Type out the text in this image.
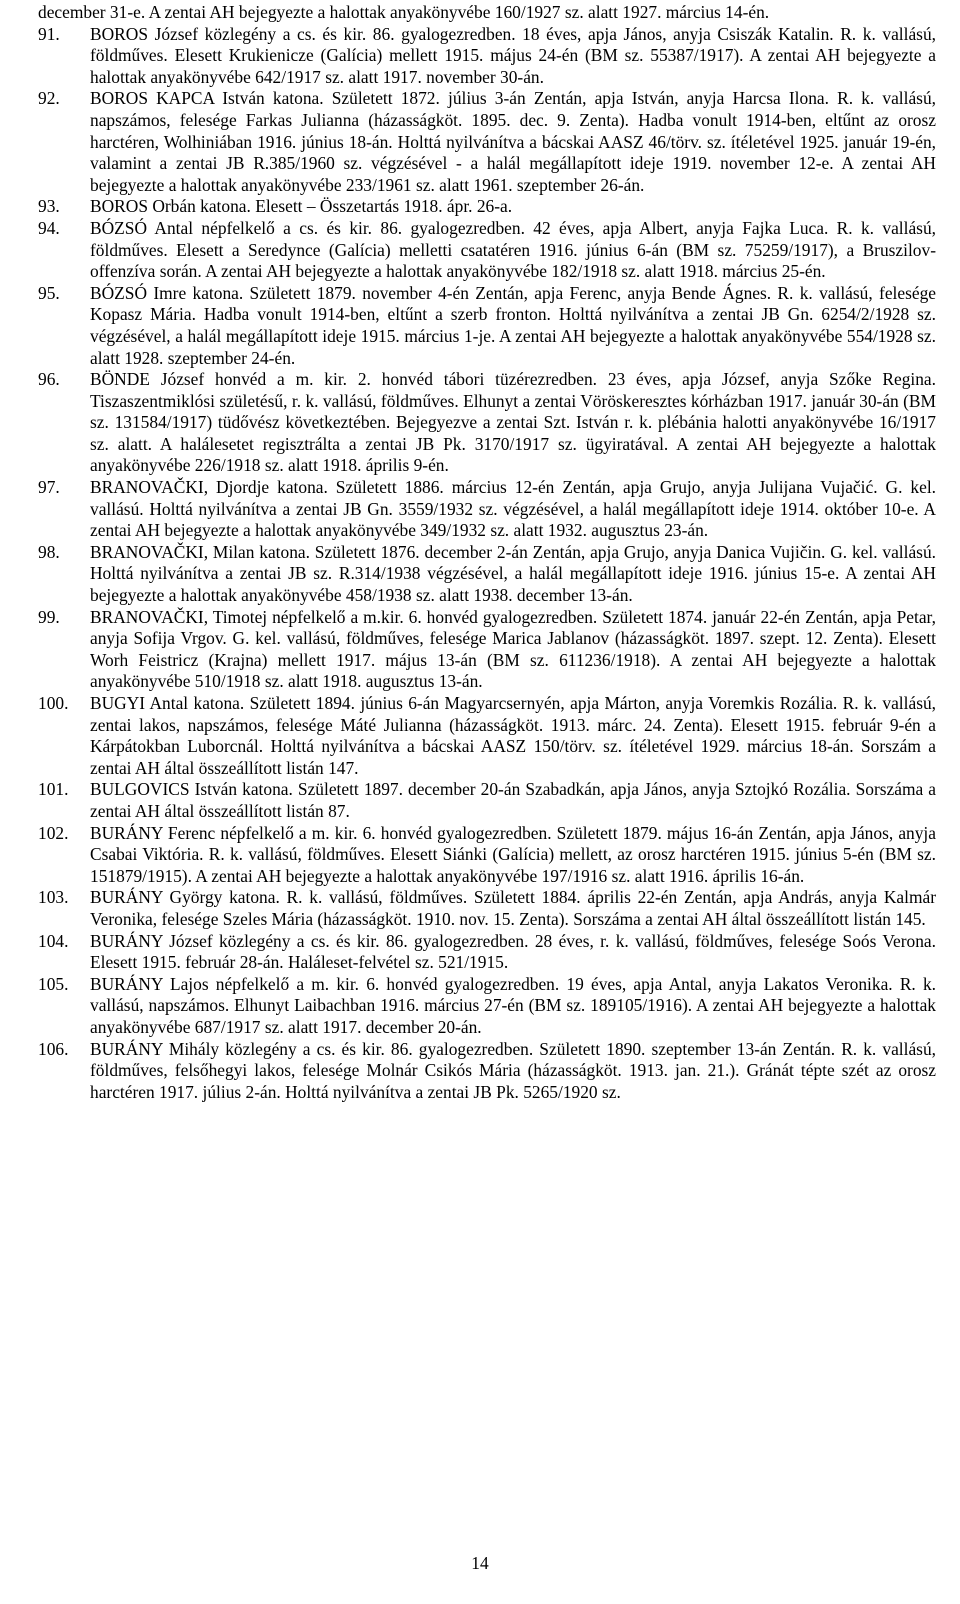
december 31-e. A zentai AH bejegyezte a halottak anyakönyvébe 160/1927 sz. alatt 1927. március 14-én.

91.	BOROS József közlegény a cs. és kir. 86. gyalogezredben. 18 éves, apja János, anyja Csiszák Katalin. R. k. vallású, földműves. Elesett Krukienicze (Galícia) mellett 1915. május 24-én (BM sz. 55387/1917). A zentai AH bejegyezte a halottak anyakönyvébe 642/1917 sz. alatt 1917. november 30-án.
92.	BOROS KAPCA István katona. Született 1872. július 3-án Zentán, apja István, anyja Harcsa Ilona. R. k. vallású, napszámos, felesége Farkas Julianna (házasságköt. 1895. dec. 9. Zenta). Hadba vonult 1914-ben, eltűnt az orosz harctéren, Wolhiniában 1916. június 18-án. Holttá nyilvánítva a bácskai AASZ 46/törv. sz. ítéletével 1925. január 19-én, valamint a zentai JB R.385/1960 sz. végzésével - a halál megállapított ideje 1919. november 12-e. A zentai AH bejegyezte a halottak anyakönyvébe 233/1961 sz. alatt 1961. szeptember 26-án.
93.	BOROS Orbán katona. Elesett – Összetartás 1918. ápr. 26-a.
94.	BÓZSÓ Antal népfelkelő a cs. és kir. 86. gyalogezredben. 42 éves, apja Albert, anyja Fajka Luca. R. k. vallású, földműves. Elesett a Seredynce (Galícia) melletti csatatéren 1916. június 6-án (BM sz. 75259/1917), a Bruszilov-offenzíva során. A zentai AH bejegyezte a halottak anyakönyvébe 182/1918 sz. alatt 1918. március 25-én.
95.	BÓZSÓ Imre katona. Született 1879. november 4-én Zentán, apja Ferenc, anyja Bende Ágnes. R. k. vallású, felesége Kopasz Mária. Hadba vonult 1914-ben, eltűnt a szerb fronton. Holttá nyilvánítva a zentai JB Gn. 6254/2/1928 sz. végzésével, a halál megállapított ideje 1915. március 1-je. A zentai AH bejegyezte a halottak anyakönyvébe 554/1928 sz. alatt 1928. szeptember 24-én.
96.	BÖNDE József honvéd a m. kir. 2. honvéd tábori tüzérezredben. 23 éves, apja József, anyja Szőke Regina. Tiszaszentmiklósi születésű, r. k. vallású, földműves. Elhunyt a zentai Vöröskeresztes kórházban 1917. január 30-án (BM sz. 131584/1917) tüdővész következtében. Bejegyezve a zentai Szt. István r. k. plébánia halotti anyakönyvébe 16/1917 sz. alatt. A halálesetet regisztrálta a zentai JB Pk. 3170/1917 sz. ügyiratával. A zentai AH bejegyezte a halottak anyakönyvébe 226/1918 sz. alatt 1918. április 9-én.
97.	BRANOVAČKI, Djordje katona. Született 1886. március 12-én Zentán, apja Grujo, anyja Julijana Vujačić. G. kel. vallású. Holttá nyilvánítva a zentai JB Gn. 3559/1932 sz. végzésével, a halál megállapított ideje 1914. október 10-e. A zentai AH bejegyezte a halottak anyakönyvébe 349/1932 sz. alatt 1932. augusztus 23-án.
98.	BRANOVAČKI, Milan katona. Született 1876. december 2-án Zentán, apja Grujo, anyja Danica Vujičin. G. kel. vallású. Holttá nyilvánítva a zentai JB sz. R.314/1938 végzésével, a halál megállapított ideje 1916. június 15-e. A zentai AH bejegyezte a halottak anyakönyvébe 458/1938 sz. alatt 1938. december 13-án.
99.	BRANOVAČKI, Timotej népfelkelő a m.kir. 6. honvéd gyalogezredben. Született 1874. január 22-én Zentán, apja Petar, anyja Sofija Vrgov. G. kel. vallású, földműves, felesége Marica Jablanov (házasságköt. 1897. szept. 12. Zenta). Elesett Worh Feistricz (Krajna) mellett 1917. május 13-án (BM sz. 611236/1918). A zentai AH bejegyezte a halottak anyakönyvébe 510/1918 sz. alatt 1918. augusztus 13-án.
100.	BUGYI Antal katona. Született 1894. június 6-án Magyarcsernyén, apja Márton, anyja Voremkis Rozália. R. k. vallású, zentai lakos, napszámos, felesége Máté Julianna (házasságköt. 1913. márc. 24. Zenta). Elesett 1915. február 9-én a Kárpátokban Luborcnál. Holttá nyilvánítva a bácskai AASZ 150/törv. sz. ítéletével 1929. március 18-án. Sorszám a zentai AH által összeállított listán 147.
101.	BULGOVICS István katona. Született 1897. december 20-án Szabadkán, apja János, anyja Sztojkó Rozália. Sorszáma a zentai AH által összeállított listán 87.
102.	BURÁNY Ferenc népfelkelő a m. kir. 6. honvéd gyalogezredben. Született 1879. május 16-án Zentán, apja János, anyja Csabai Viktória. R. k. vallású, földműves. Elesett Siánki (Galícia) mellett, az orosz harctéren 1915. június 5-én (BM sz. 151879/1915). A zentai AH bejegyezte a halottak anyakönyvébe 197/1916 sz. alatt 1916. április 16-án.
103.	BURÁNY György katona. R. k. vallású, földműves. Született 1884. április 22-én Zentán, apja András, anyja Kalmár Veronika, felesége Szeles Mária (házasságköt. 1910. nov. 15. Zenta). Sorszáma a zentai AH által összeállított listán 145.
104.	BURÁNY József közlegény a cs. és kir. 86. gyalogezredben. 28 éves, r. k. vallású, földműves, felesége Soós Verona. Elesett 1915. február 28-án. Haláleset-felvétel sz. 521/1915.
105.	BURÁNY Lajos népfelkelő a m. kir. 6. honvéd gyalogezredben. 19 éves, apja Antal, anyja Lakatos Veronika. R. k. vallású, napszámos. Elhunyt Laibachban 1916. március 27-én (BM sz. 189105/1916). A zentai AH bejegyezte a halottak anyakönyvébe 687/1917 sz. alatt 1917. december 20-án.
106.	BURÁNY Mihály közlegény a cs. és kir. 86. gyalogezredben. Született 1890. szeptember 13-án Zentán. R. k. vallású, földműves, felsőhegyi lakos, felesége Molnár Csikós Mária (házasságköt. 1913. jan. 21.). Gránát tépte szét az orosz harctéren 1917. július 2-án. Holttá nyilvánítva a zentai JB Pk. 5265/1920 sz.
14
